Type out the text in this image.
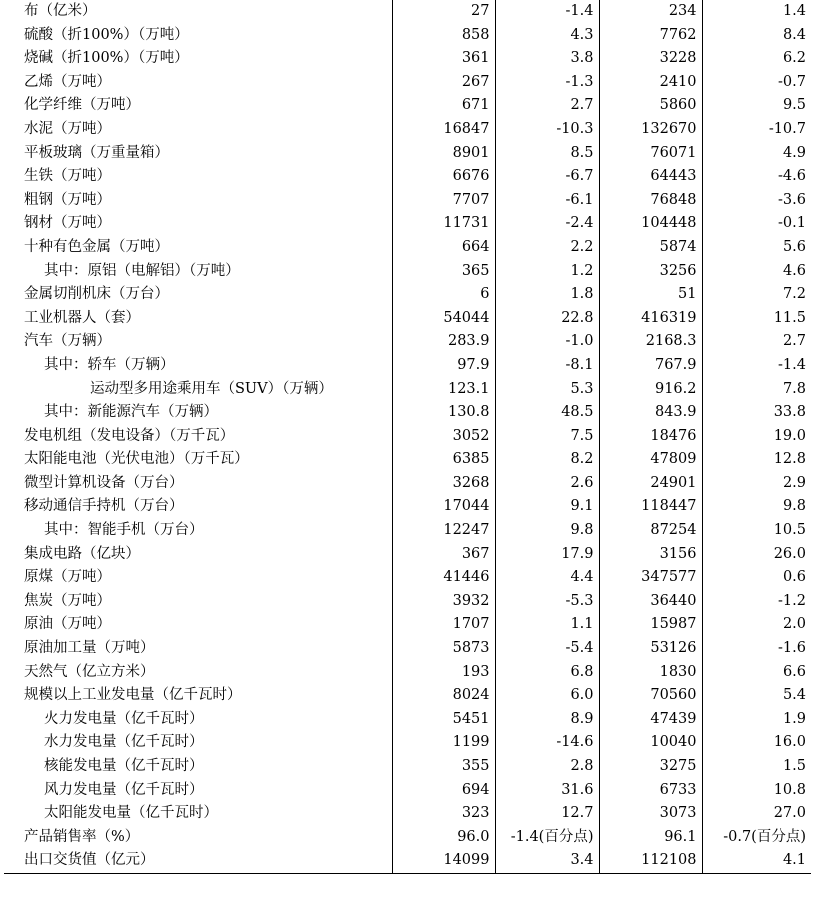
布（亿米）	27	-1.4	234	1.4
硫酸（折100%）（万吨）	858	4.3	7762	8.4
烧碱（折100%）（万吨）	361	3.8	3228	6.2
乙烯（万吨）	267	-1.3	2410	-0.7
化学纤维（万吨）	671	2.7	5860	9.5
水泥（万吨）	16847	-10.3	132670	-10.7
平板玻璃（万重量箱）	8901	8.5	76071	4.9
生铁（万吨）	6676	-6.7	64443	-4.6
粗钢（万吨）	7707	-6.1	76848	-3.6
钢材（万吨）	11731	-2.4	104448	-0.1
十种有色金属（万吨）	664	2.2	5874	5.6
其中：原铝（电解铝）（万吨）	365	1.2	3256	4.6
金属切削机床（万台）	6	1.8	51	7.2
工业机器人（套）	54044	22.8	416319	11.5
汽车（万辆）	283.9	-1.0	2168.3	2.7
其中：轿车（万辆）	97.9	-8.1	767.9	-1.4
运动型多用途乘用车（SUV）（万辆）	123.1	5.3	916.2	7.8
其中：新能源汽车（万辆）	130.8	48.5	843.9	33.8
发电机组（发电设备）（万千瓦）	3052	7.5	18476	19.0
太阳能电池（光伏电池）（万千瓦）	6385	8.2	47809	12.8
微型计算机设备（万台）	3268	2.6	24901	2.9
移动通信手持机（万台）	17044	9.1	118447	9.8
其中：智能手机（万台）	12247	9.8	87254	10.5
集成电路（亿块）	367	17.9	3156	26.0
原煤（万吨）	41446	4.4	347577	0.6
焦炭（万吨）	3932	-5.3	36440	-1.2
原油（万吨）	1707	1.1	15987	2.0
原油加工量（万吨）	5873	-5.4	53126	-1.6
天然气（亿立方米）	193	6.8	1830	6.6
规模以上工业发电量（亿千瓦时）	8024	6.0	70560	5.4
火力发电量（亿千瓦时）	5451	8.9	47439	1.9
水力发电量（亿千瓦时）	1199	-14.6	10040	16.0
核能发电量（亿千瓦时）	355	2.8	3275	1.5
风力发电量（亿千瓦时）	694	31.6	6733	10.8
太阳能发电量（亿千瓦时）	323	12.7	3073	27.0
产品销售率（%）	96.0	-1.4(百分点)	96.1	-0.7(百分点)
出口交货值（亿元）	14099	3.4	112108	4.1
